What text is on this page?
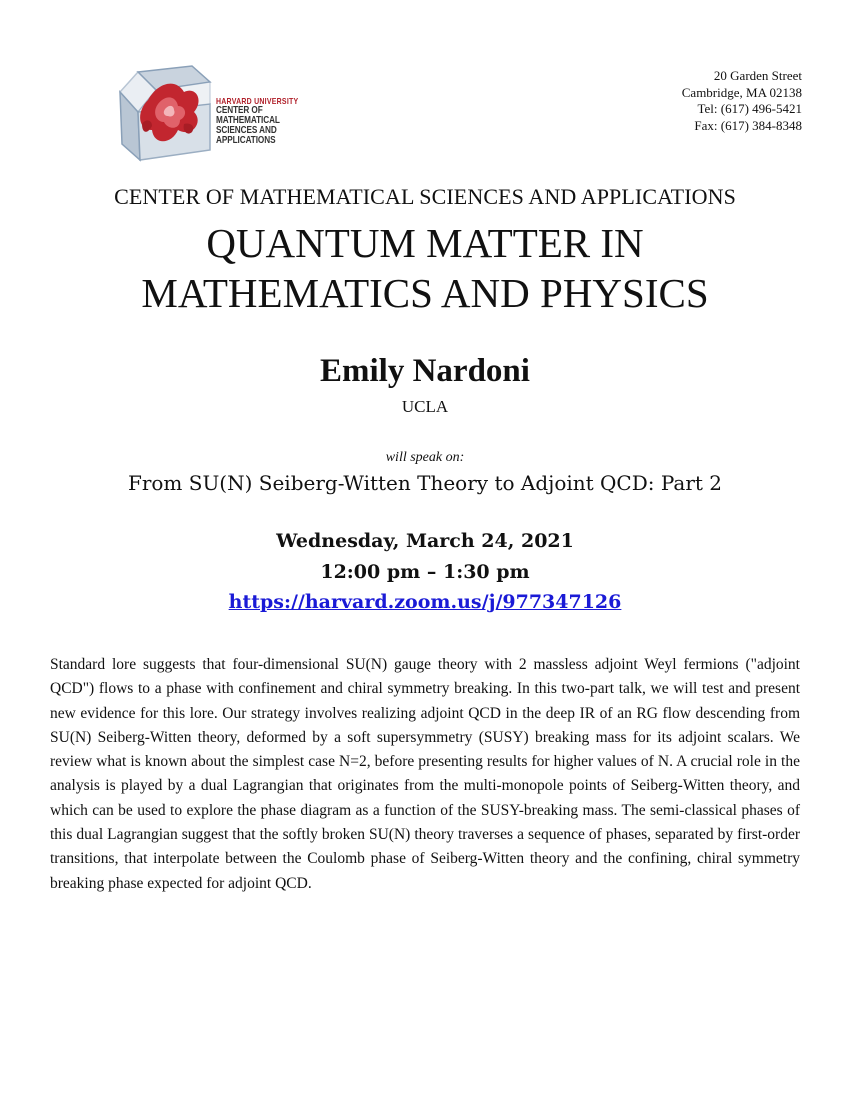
HARVARD UNIVERSITY
CENTER OF MATHEMATICAL
SCIENCES AND APPLICATIONS
20 Garden Street
Cambridge, MA 02138
Tel: (617) 496-5421
Fax: (617) 384-8348
CENTER OF MATHEMATICAL SCIENCES AND APPLICATIONS
QUANTUM MATTER IN
MATHEMATICS AND PHYSICS
Emily Nardoni
UCLA
will speak on:
From SU(N) Seiberg-Witten Theory to Adjoint QCD: Part 2
Wednesday, March 24, 2021
12:00 pm – 1:30 pm
https://harvard.zoom.us/j/977347126

Standard lore suggests that four-dimensional SU(N) gauge theory with 2 massless adjoint Weyl fermions ("adjoint QCD") flows to a phase with confinement and chiral symmetry breaking. In this two-part talk, we will test and present new evidence for this lore. Our strategy involves realizing adjoint QCD in the deep IR of an RG flow descending from SU(N) Seiberg-Witten theory, deformed by a soft supersymmetry (SUSY) breaking mass for its adjoint scalars. We review what is known about the simplest case N=2, before presenting results for higher values of N. A crucial role in the analysis is played by a dual Lagrangian that originates from the multi-monopole points of Seiberg-Witten theory, and which can be used to explore the phase diagram as a function of the SUSY-breaking mass. The semi-classical phases of this dual Lagrangian suggest that the softly broken SU(N) theory traverses a sequence of phases, separated by first-order transitions, that interpolate between the Coulomb phase of Seiberg-Witten theory and the confining, chiral symmetry breaking phase expected for adjoint QCD.
